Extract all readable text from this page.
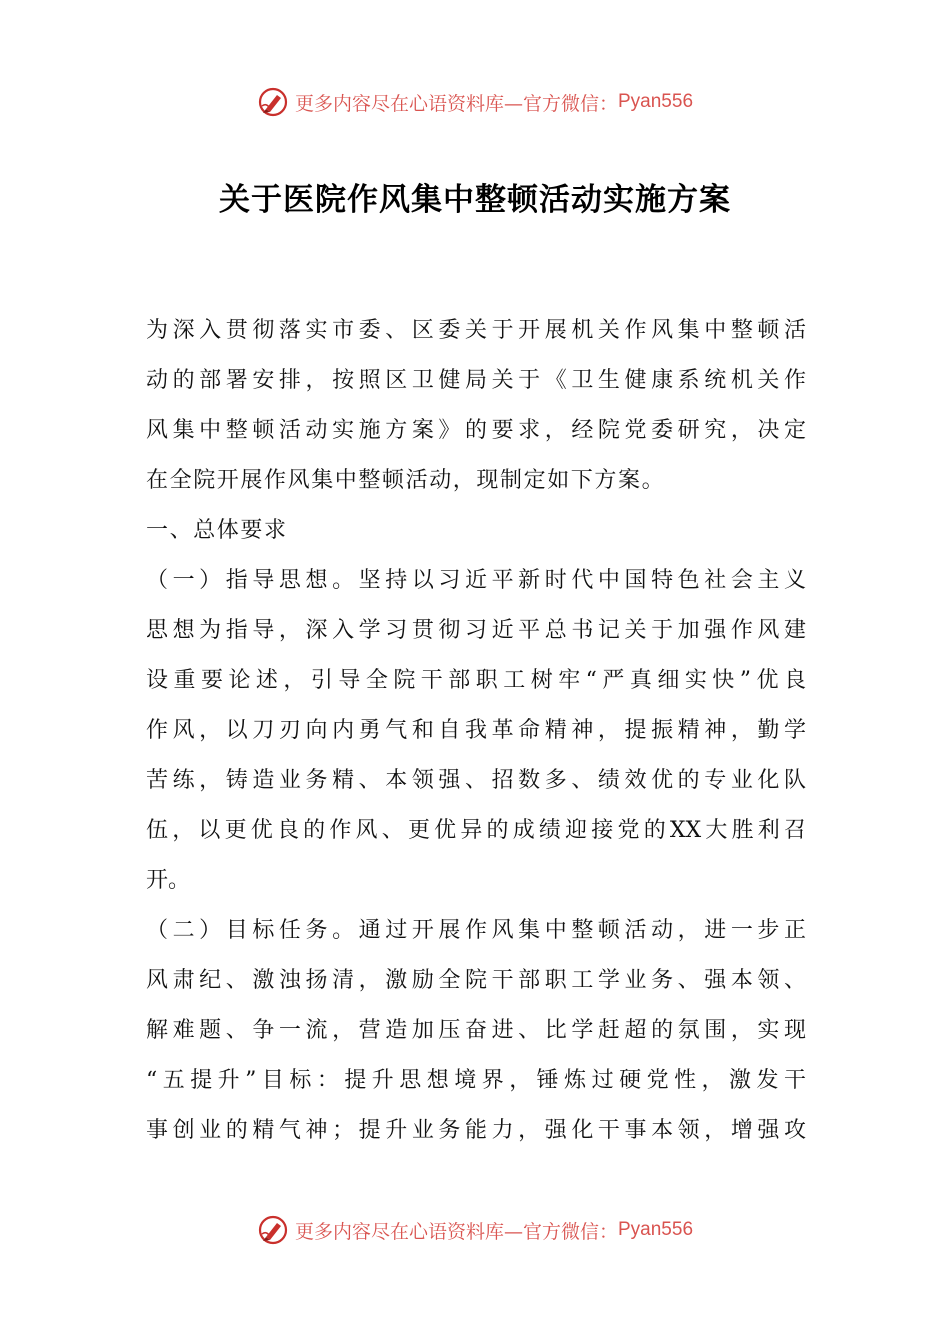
更多内容尽在心语资料库—官方微信： Pyan556
关于医院作风集中整顿活动实施方案
为深入贯彻落实市委、区委关于开展机关作风集中整顿活
动的部署安排，按照区卫健局关于《卫生健康系统机关作
风集中整顿活动实施方案》的要求，经院党委研究，决定
在全院开展作风集中整顿活动，现制定如下方案。
一、总体要求
（一）指导思想。坚持以习近平新时代中国特色社会主义
思想为指导，深入学习贯彻习近平总书记关于加强作风建
设重要论述，引导全院干部职工树牢“严真细实快”优良
作风，以刀刃向内勇气和自我革命精神，提振精神，勤学
苦练，铸造业务精、本领强、招数多、绩效优的专业化队
伍，以更优良的作风、更优异的成绩迎接党的XX大胜利召
开。
（二）目标任务。通过开展作风集中整顿活动，进一步正
风肃纪、激浊扬清，激励全院干部职工学业务、强本领、
解难题、争一流，营造加压奋进、比学赶超的氛围，实现
“五提升”目标：提升思想境界，锤炼过硬党性，激发干
事创业的精气神；提升业务能力，强化干事本领，增强攻
更多内容尽在心语资料库—官方微信： Pyan556
